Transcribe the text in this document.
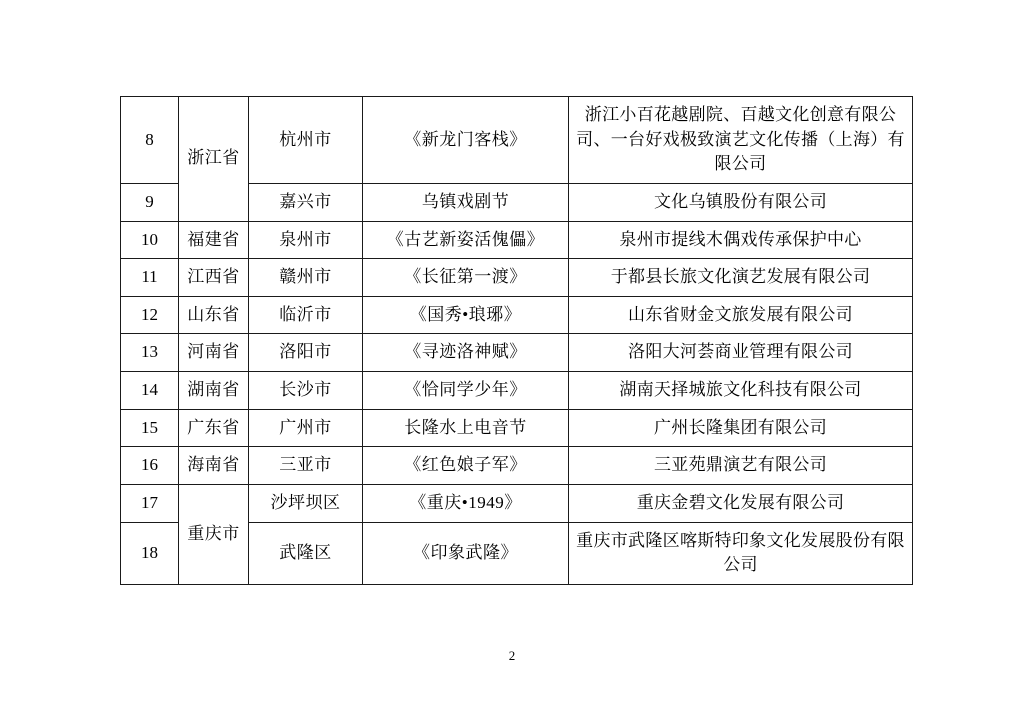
8	浙江省	杭州市	《新龙门客栈》	浙江小百花越剧院、百越文化创意有限公司、一台好戏极致演艺文化传播（上海）有限公司
9		嘉兴市	乌镇戏剧节	文化乌镇股份有限公司
10	福建省	泉州市	《古艺新姿活傀儡》	泉州市提线木偶戏传承保护中心
11	江西省	赣州市	《长征第一渡》	于都县长旅文化演艺发展有限公司
12	山东省	临沂市	《国秀•琅琊》	山东省财金文旅发展有限公司
13	河南省	洛阳市	《寻迹洛神赋》	洛阳大河荟商业管理有限公司
14	湖南省	长沙市	《恰同学少年》	湖南天择城旅文化科技有限公司
15	广东省	广州市	长隆水上电音节	广州长隆集团有限公司
16	海南省	三亚市	《红色娘子军》	三亚苑鼎演艺有限公司
17	重庆市	沙坪坝区	《重庆•1949》	重庆金碧文化发展有限公司
18		武隆区	《印象武隆》	重庆市武隆区喀斯特印象文化发展股份有限公司
2
